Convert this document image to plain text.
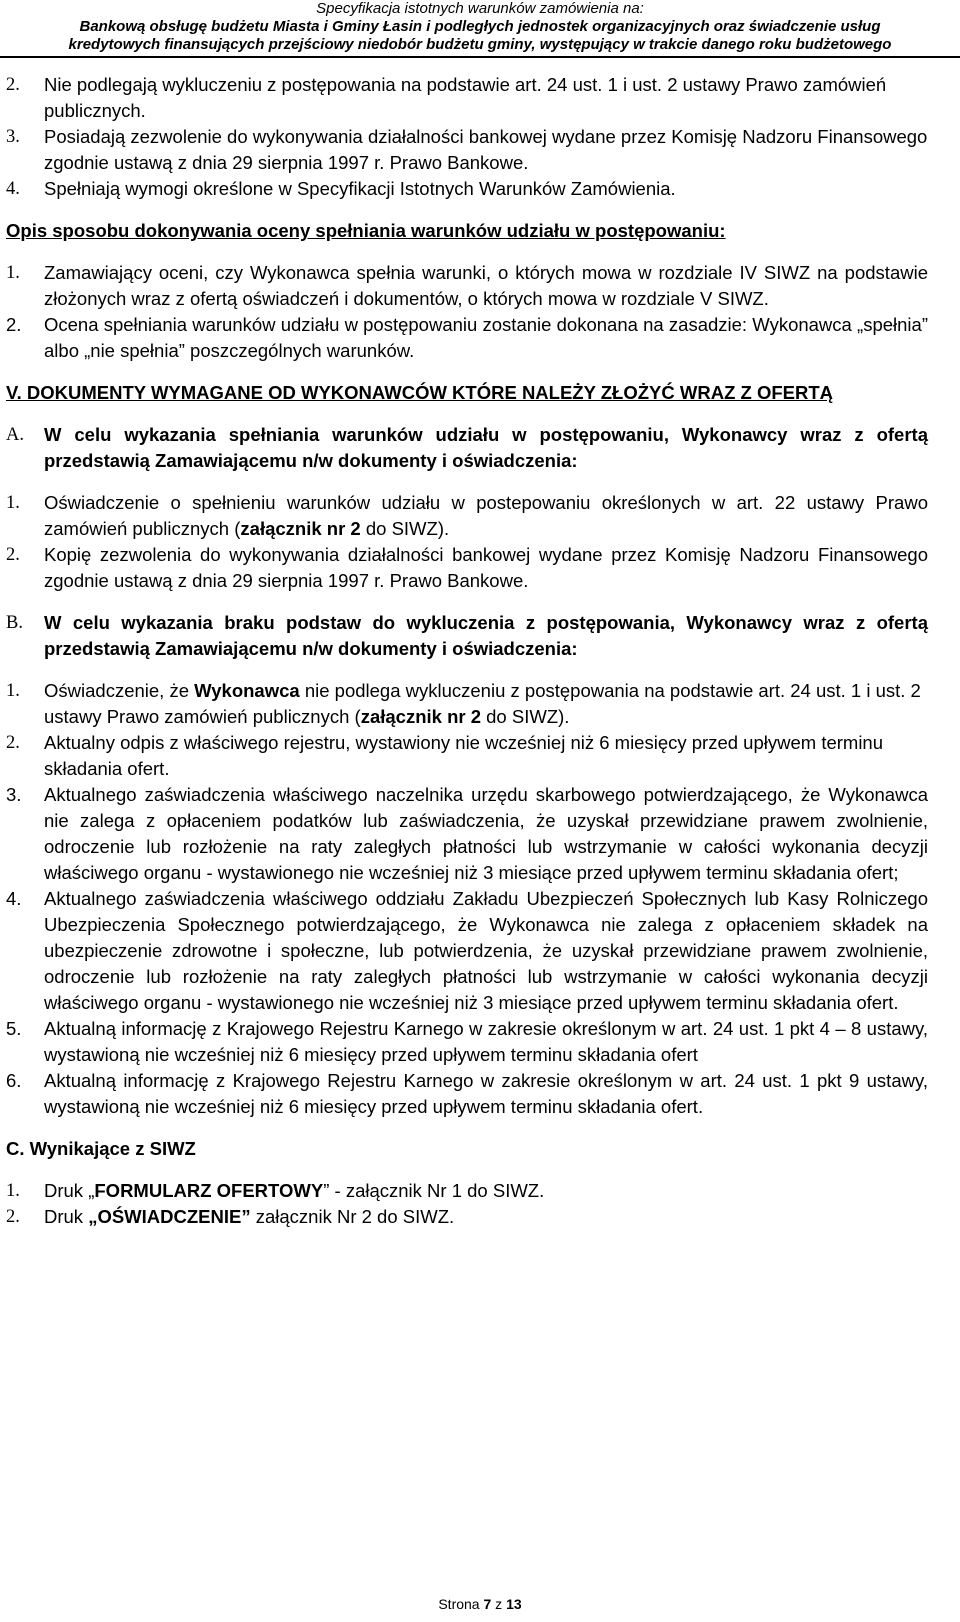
Specyfikacja istotnych warunków zamówienia na:
Bankową obsługę budżetu Miasta i Gminy Łasin i podległych jednostek organizacyjnych oraz świadczenie usług
kredytowych finansujących przejściowy niedobór budżetu gminy, występujący w trakcie danego roku budżetowego
2.	Nie podlegają wykluczeniu z postępowania na podstawie art. 24 ust. 1 i ust. 2 ustawy Prawo zamówień publicznych.
3.	Posiadają zezwolenie do wykonywania działalności bankowej wydane przez Komisję Nadzoru Finansowego zgodnie ustawą z dnia 29 sierpnia 1997 r. Prawo Bankowe.
4.	Spełniają wymogi określone w Specyfikacji Istotnych Warunków Zamówienia.
Opis sposobu dokonywania oceny spełniania warunków udziału w postępowaniu:
1.	Zamawiający oceni, czy Wykonawca spełnia warunki, o których mowa w rozdziale IV SIWZ na podstawie złożonych wraz z ofertą oświadczeń i dokumentów, o których mowa w rozdziale V SIWZ.
2.	Ocena spełniania warunków udziału w postępowaniu zostanie dokonana na zasadzie: Wykonawca „spełnia” albo „nie spełnia” poszczególnych warunków.
V. DOKUMENTY WYMAGANE OD WYKONAWCÓW KTÓRE NALEŻY ZŁOŻYĆ WRAZ Z OFERTĄ
A.	W celu wykazania spełniania warunków udziału w postępowaniu, Wykonawcy wraz z ofertą przedstawią Zamawiającemu n/w dokumenty i oświadczenia:
1.	Oświadczenie o spełnieniu warunków udziału w postepowaniu określonych w art. 22 ustawy Prawo zamówień publicznych (załącznik nr 2 do SIWZ).
2.	Kopię zezwolenia do wykonywania działalności bankowej wydane przez Komisję Nadzoru Finansowego zgodnie ustawą z dnia 29 sierpnia 1997 r. Prawo Bankowe.
B.	W celu wykazania braku podstaw do wykluczenia z postępowania, Wykonawcy wraz z ofertą przedstawią Zamawiającemu n/w dokumenty i oświadczenia:
1.	Oświadczenie, że Wykonawca nie podlega wykluczeniu z postępowania na podstawie art. 24 ust. 1 i ust. 2 ustawy Prawo zamówień publicznych (załącznik nr 2 do SIWZ).
2.	Aktualny odpis z właściwego rejestru, wystawiony nie wcześniej niż 6 miesięcy przed upływem terminu składania ofert.
3.	Aktualnego zaświadczenia właściwego naczelnika urzędu skarbowego potwierdzającego, że Wykonawca nie zalega z opłaceniem podatków lub zaświadczenia, że uzyskał przewidziane prawem zwolnienie, odroczenie lub rozłożenie na raty zaległych płatności lub wstrzymanie w całości wykonania decyzji właściwego organu - wystawionego nie wcześniej niż 3 miesiące przed upływem terminu składania ofert;
4.	Aktualnego zaświadczenia właściwego oddziału Zakładu Ubezpieczeń Społecznych lub Kasy Rolniczego Ubezpieczenia Społecznego potwierdzającego, że Wykonawca nie zalega z opłaceniem składek na ubezpieczenie zdrowotne i społeczne, lub potwierdzenia, że uzyskał przewidziane prawem zwolnienie, odroczenie lub rozłożenie na raty zaległych płatności lub wstrzymanie w całości wykonania decyzji właściwego organu - wystawionego nie wcześniej niż 3 miesiące przed upływem terminu składania ofert.
5.	Aktualną informację z Krajowego Rejestru Karnego w zakresie określonym w art. 24 ust. 1 pkt 4 – 8 ustawy, wystawioną nie wcześniej niż 6 miesięcy przed upływem terminu składania ofert
6.	Aktualną informację z Krajowego Rejestru Karnego w zakresie określonym w art. 24 ust. 1 pkt 9 ustawy, wystawioną nie wcześniej niż 6 miesięcy przed upływem terminu składania ofert.
C. Wynikające z SIWZ
1.	Druk „FORMULARZ OFERTOWY” - załącznik Nr 1 do SIWZ.
2.	Druk „OŚWIADCZENIE” załącznik Nr 2 do SIWZ.
Strona 7 z 13
